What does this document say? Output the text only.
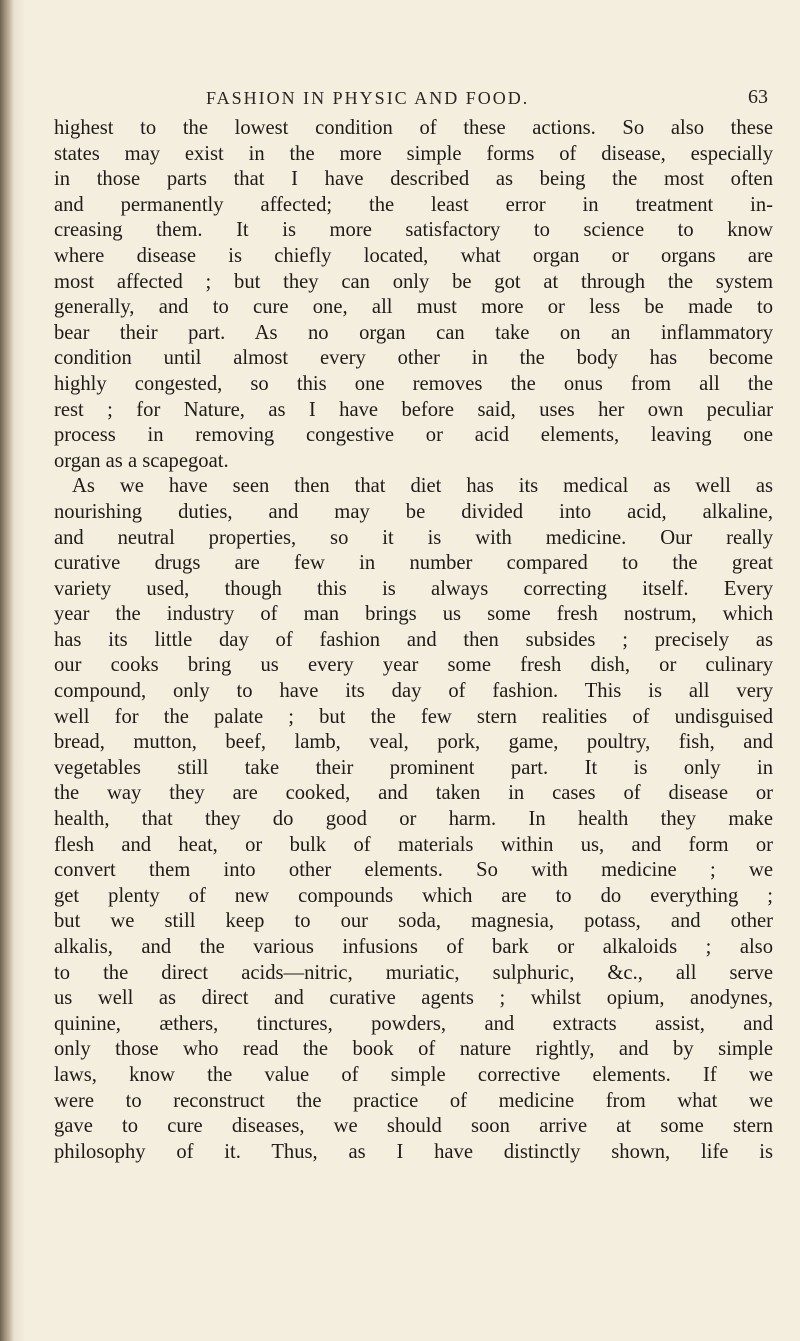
FASHION IN PHYSIC AND FOOD.	63
highest to the lowest condition of these actions. So also these
states may exist in the more simple forms of disease, especially
in those parts that I have described as being the most often
and permanently affected; the least error in treatment in-
creasing them. It is more satisfactory to science to know
where disease is chiefly located, what organ or organs are
most affected ; but they can only be got at through the system
generally, and to cure one, all must more or less be made to
bear their part. As no organ can take on an inflammatory
condition until almost every other in the body has become
highly congested, so this one removes the onus from all the
rest ; for Nature, as I have before said, uses her own peculiar
process in removing congestive or acid elements, leaving one
organ as a scapegoat.
As we have seen then that diet has its medical as well as
nourishing duties, and may be divided into acid, alkaline,
and neutral properties, so it is with medicine. Our really
curative drugs are few in number compared to the great
variety used, though this is always correcting itself. Every
year the industry of man brings us some fresh nostrum, which
has its little day of fashion and then subsides ; precisely as
our cooks bring us every year some fresh dish, or culinary
compound, only to have its day of fashion. This is all very
well for the palate ; but the few stern realities of undisguised
bread, mutton, beef, lamb, veal, pork, game, poultry, fish, and
vegetables still take their prominent part. It is only in
the way they are cooked, and taken in cases of disease or
health, that they do good or harm. In health they make
flesh and heat, or bulk of materials within us, and form or
convert them into other elements. So with medicine ; we
get plenty of new compounds which are to do everything ;
but we still keep to our soda, magnesia, potass, and other
alkalis, and the various infusions of bark or alkaloids ; also
to the direct acids—nitric, muriatic, sulphuric, &c., all serve
us well as direct and curative agents ; whilst opium, anodynes,
quinine, æthers, tinctures, powders, and extracts assist, and
only those who read the book of nature rightly, and by simple
laws, know the value of simple corrective elements. If we
were to reconstruct the practice of medicine from what we
gave to cure diseases, we should soon arrive at some stern
philosophy of it. Thus, as I have distinctly shown, life is
